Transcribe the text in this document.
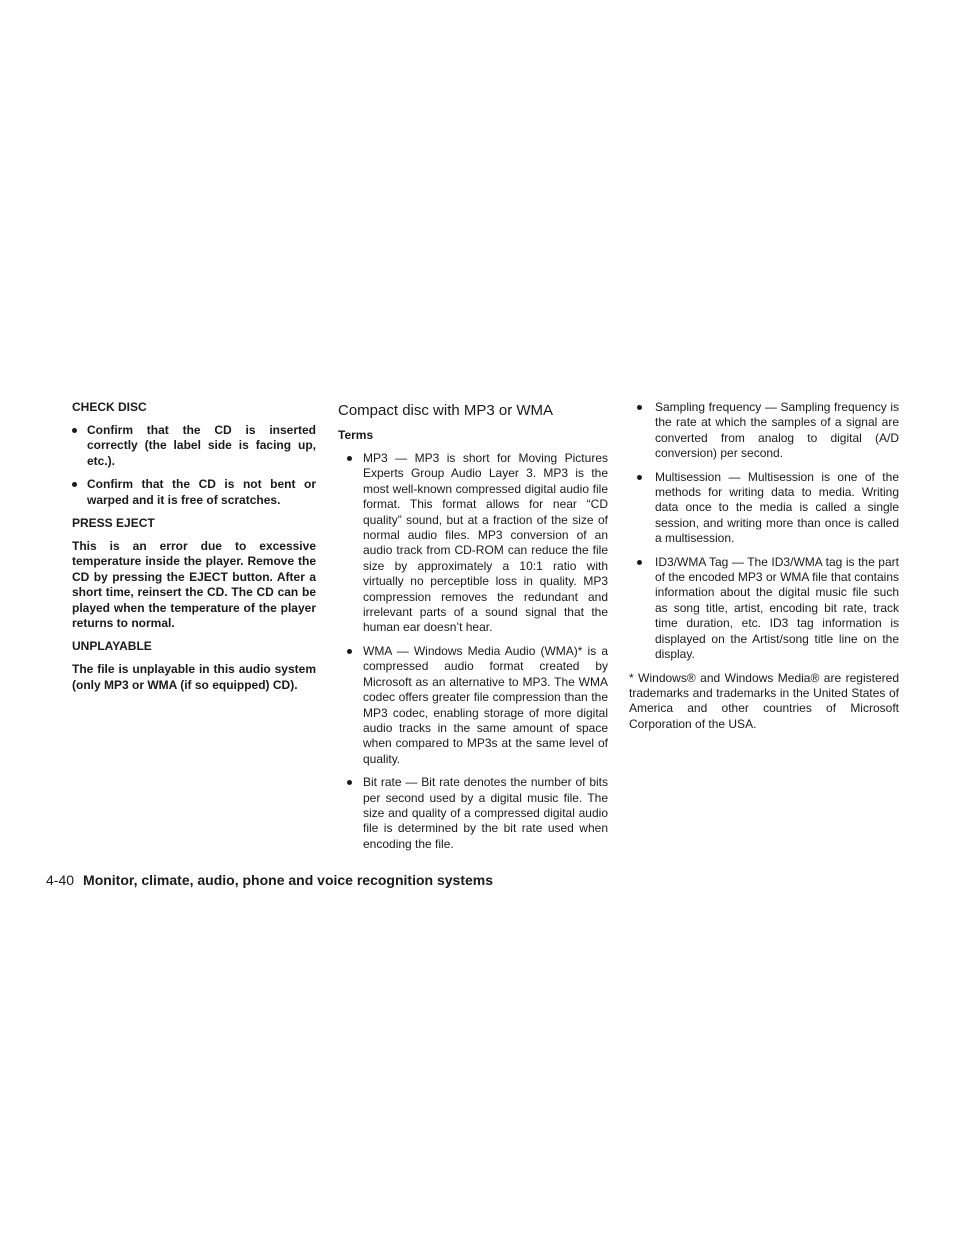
CHECK DISC

Confirm that the CD is inserted correctly (the label side is facing up, etc.).
Confirm that the CD is not bent or warped and it is free of scratches.

PRESS EJECT

This is an error due to excessive temperature inside the player. Remove the CD by pressing the EJECT button. After a short time, reinsert the CD. The CD can be played when the temperature of the player returns to normal.

UNPLAYABLE

The file is unplayable in this audio system (only MP3 or WMA (if so equipped) CD).

Compact disc with MP3 or WMA

Terms

MP3 — MP3 is short for Moving Pictures Experts Group Audio Layer 3. MP3 is the most well-known compressed digital audio file format. This format allows for near “CD quality” sound, but at a fraction of the size of normal audio files. MP3 conversion of an audio track from CD-ROM can reduce the file size by approximately a 10:1 ratio with virtually no perceptible loss in quality. MP3 compression removes the redundant and irrelevant parts of a sound signal that the human ear doesn’t hear.
WMA — Windows Media Audio (WMA)* is a compressed audio format created by Microsoft as an alternative to MP3. The WMA codec offers greater file compression than the MP3 codec, enabling storage of more digital audio tracks in the same amount of space when compared to MP3s at the same level of quality.
Bit rate — Bit rate denotes the number of bits per second used by a digital music file. The size and quality of a compressed digital audio file is determined by the bit rate used when encoding the file.
Sampling frequency — Sampling frequency is the rate at which the samples of a signal are converted from analog to digital (A/D conversion) per second.
Multisession — Multisession is one of the methods for writing data to media. Writing data once to the media is called a single session, and writing more than once is called a multisession.
ID3/WMA Tag — The ID3/WMA tag is the part of the encoded MP3 or WMA file that contains information about the digital music file such as song title, artist, encoding bit rate, track time duration, etc. ID3 tag information is displayed on the Artist/song title line on the display.

* Windows® and Windows Media® are registered trademarks and trademarks in the United States of America and other countries of Microsoft Corporation of the USA.

4-40 Monitor, climate, audio, phone and voice recognition systems
